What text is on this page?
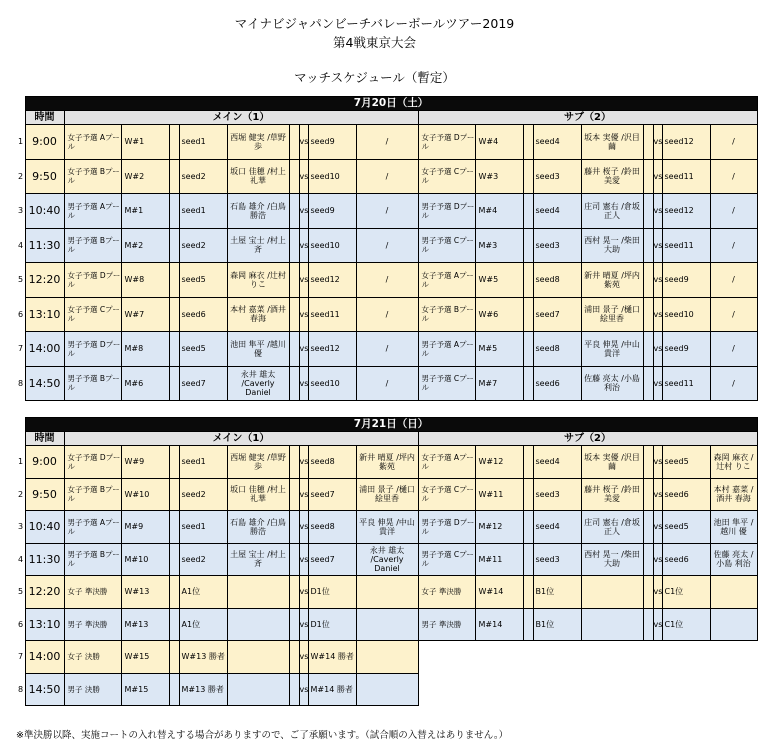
マイナビジャパンビーチバレーボールツアー2019
第4戦東京大会
マッチスケジュール（暫定）
	7月20日（土）																		
	時間	メイン（1）									サブ（2）								
1	9:00	女子予選 Aプール	W#1		seed1	西堀 健実 /草野 歩		vs	seed9	/	女子予選 Dプール	W#4		seed4	坂本 実優 /沢目 繭		vs	seed12	/
2	9:50	女子予選 Bプール	W#2		seed2	坂口 佳穂 /村上 礼華		vs	seed10	/	女子予選 Cプール	W#3		seed3	藤井 桜子 /鈴田 美愛		vs	seed11	/
3	10:40	男子予選 Aプール	M#1		seed1	石島 雄介 /白鳥 勝浩		vs	seed9	/	男子予選 Dプール	M#4		seed4	庄司 憲右 /倉坂 正人		vs	seed12	/
4	11:30	男子予選 Bプール	M#2		seed2	土屋 宝士 /村上 斉		vs	seed10	/	男子予選 Cプール	M#3		seed3	西村 晃一 /柴田 大助		vs	seed11	/
5	12:20	女子予選 Dプール	W#8		seed5	森岡 麻衣 /辻村 りこ		vs	seed12	/	女子予選 Aプール	W#5		seed8	新井 晴夏 /坪内 紫苑		vs	seed9	/
6	13:10	女子予選 Cプール	W#7		seed6	本村 嘉菜 /酒井 春海		vs	seed11	/	女子予選 Bプール	W#6		seed7	浦田 景子 /樋口 絵里香		vs	seed10	/
7	14:00	男子予選 Dプール	M#8		seed5	池田 隼平 /越川 優		vs	seed12	/	男子予選 Aプール	M#5		seed8	平良 伸晃 /中山 貴洋		vs	seed9	/
8	14:50	男子予選 Bプール	M#6		seed7	永井 雄太 /Caverly Daniel		vs	seed10	/	男子予選 Cプール	M#7		seed6	佐藤 亮太 /小島 利治		vs	seed11	/
	7月21日（日）																		
	時間	メイン（1）									サブ（2）								
1	9:00	女子予選 Dプール	W#9		seed1	西堀 健実 /草野 歩		vs	seed8	新井 晴夏 /坪内 紫苑	女子予選 Aプール	W#12		seed4	坂本 実優 /沢目 繭		vs	seed5	森岡 麻衣 /辻村 りこ
2	9:50	女子予選 Bプール	W#10		seed2	坂口 佳穂 /村上 礼華		vs	seed7	浦田 景子 /樋口 絵里香	女子予選 Cプール	W#11		seed3	藤井 桜子 /鈴田 美愛		vs	seed6	本村 嘉菜 /酒井 春海
3	10:40	男子予選 Aプール	M#9		seed1	石島 雄介 /白鳥 勝浩		vs	seed8	平良 伸晃 /中山 貴洋	男子予選 Dプール	M#12		seed4	庄司 憲右 /倉坂 正人		vs	seed5	池田 隼平 /越川 優
4	11:30	男子予選 Bプール	M#10		seed2	土屋 宝士 /村上 斉		vs	seed7	永井 雄太 /Caverly Daniel	男子予選 Cプール	M#11		seed3	西村 晃一 /柴田 大助		vs	seed6	佐藤 亮太 /小島 利治
5	12:20	女子 準決勝	W#13		A1位			vs	D1位		女子 準決勝	W#14		B1位			vs	C1位	
6	13:10	男子 準決勝	M#13		A1位			vs	D1位		男子 準決勝	M#14		B1位			vs	C1位	
7	14:00	女子 決勝	W#15		W#13 勝者			vs	W#14 勝者										
8	14:50	男子 決勝	M#15		M#13 勝者			vs	M#14 勝者										
※準決勝以降、実施コートの入れ替えする場合がありますので、ご了承願います。（試合順の入替えはありません。）
